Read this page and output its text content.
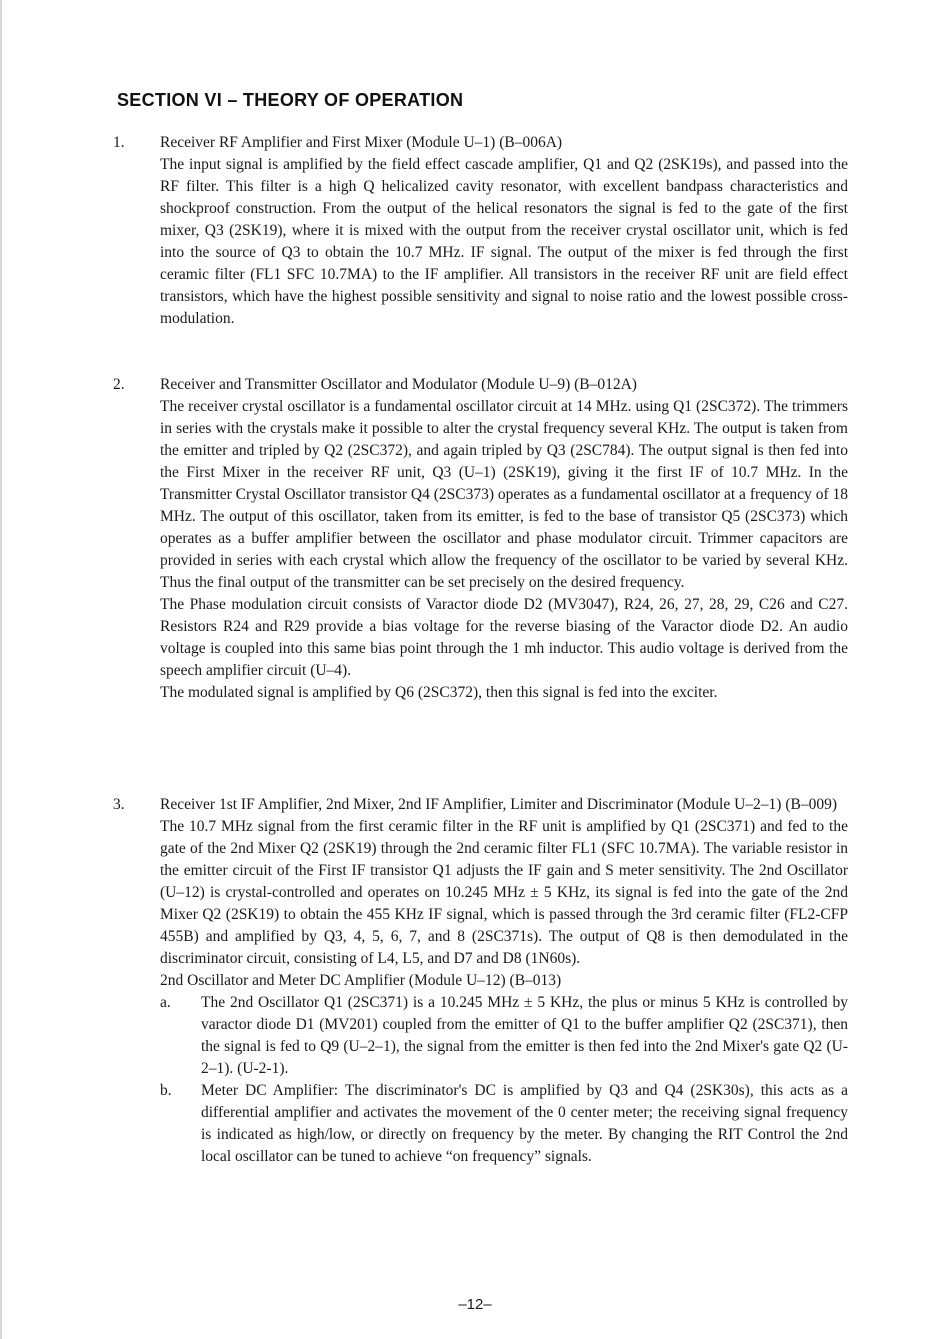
SECTION VI – THEORY OF OPERATION
1. Receiver RF Amplifier and First Mixer (Module U–1) (B–006A)
The input signal is amplified by the field effect cascade amplifier, Q1 and Q2 (2SK19s), and passed into the RF filter. This filter is a high Q helicalized cavity resonator, with excellent bandpass characteristics and shockproof construction. From the output of the helical resonators the signal is fed to the gate of the first mixer, Q3 (2SK19), where it is mixed with the output from the receiver crystal oscillator unit, which is fed into the source of Q3 to obtain the 10.7 MHz. IF signal. The output of the mixer is fed through the first ceramic filter (FL1 SFC 10.7MA) to the IF amplifier. All transistors in the receiver RF unit are field effect transistors, which have the highest possible sensitivity and signal to noise ratio and the lowest possible cross-modulation.
2. Receiver and Transmitter Oscillator and Modulator (Module U–9) (B–012A)
The receiver crystal oscillator is a fundamental oscillator circuit at 14 MHz. using Q1 (2SC372). The trimmers in series with the crystals make it possible to alter the crystal frequency several KHz. The output is taken from the emitter and tripled by Q2 (2SC372), and again tripled by Q3 (2SC784). The output signal is then fed into the First Mixer in the receiver RF unit, Q3 (U–1) (2SK19), giving it the first IF of 10.7 MHz. In the Transmitter Crystal Oscillator transistor Q4 (2SC373) operates as a fundamental oscillator at a frequency of 18 MHz. The output of this oscillator, taken from its emitter, is fed to the base of transistor Q5 (2SC373) which operates as a buffer amplifier between the oscillator and phase modulator circuit. Trimmer capacitors are provided in series with each crystal which allow the frequency of the oscillator to be varied by several KHz. Thus the final output of the transmitter can be set precisely on the desired frequency.
The Phase modulation circuit consists of Varactor diode D2 (MV3047), R24, 26, 27, 28, 29, C26 and C27. Resistors R24 and R29 provide a bias voltage for the reverse biasing of the Varactor diode D2. An audio voltage is coupled into this same bias point through the 1 mh inductor. This audio voltage is derived from the speech amplifier circuit (U–4).
The modulated signal is amplified by Q6 (2SC372), then this signal is fed into the exciter.
3. Receiver 1st IF Amplifier, 2nd Mixer, 2nd IF Amplifier, Limiter and Discriminator (Module U–2–1) (B–009)
The 10.7 MHz signal from the first ceramic filter in the RF unit is amplified by Q1 (2SC371) and fed to the gate of the 2nd Mixer Q2 (2SK19) through the 2nd ceramic filter FL1 (SFC 10.7MA). The variable resistor in the emitter circuit of the First IF transistor Q1 adjusts the IF gain and S meter sensitivity. The 2nd Oscillator (U–12) is crystal-controlled and operates on 10.245 MHz ± 5 KHz, its signal is fed into the gate of the 2nd Mixer Q2 (2SK19) to obtain the 455 KHz IF signal, which is passed through the 3rd ceramic filter (FL2-CFP 455B) and amplified by Q3, 4, 5, 6, 7, and 8 (2SC371s). The output of Q8 is then demodulated in the discriminator circuit, consisting of L4, L5, and D7 and D8 (1N60s).
2nd Oscillator and Meter DC Amplifier (Module U–12) (B–013)
a. The 2nd Oscillator Q1 (2SC371) is a 10.245 MHz ± 5 KHz, the plus or minus 5 KHz is controlled by varactor diode D1 (MV201) coupled from the emitter of Q1 to the buffer amplifier Q2 (2SC371), then the signal is fed to Q9 (U–2–1), the signal from the emitter is then fed into the 2nd Mixer's gate Q2 (U-2–1). (U-2-1).
b. Meter DC Amplifier: The discriminator's DC is amplified by Q3 and Q4 (2SK30s), this acts as a differential amplifier and activates the movement of the 0 center meter; the receiving signal frequency is indicated as high/low, or directly on frequency by the meter. By changing the RIT Control the 2nd local oscillator can be tuned to achieve “on frequency” signals.
–12–
